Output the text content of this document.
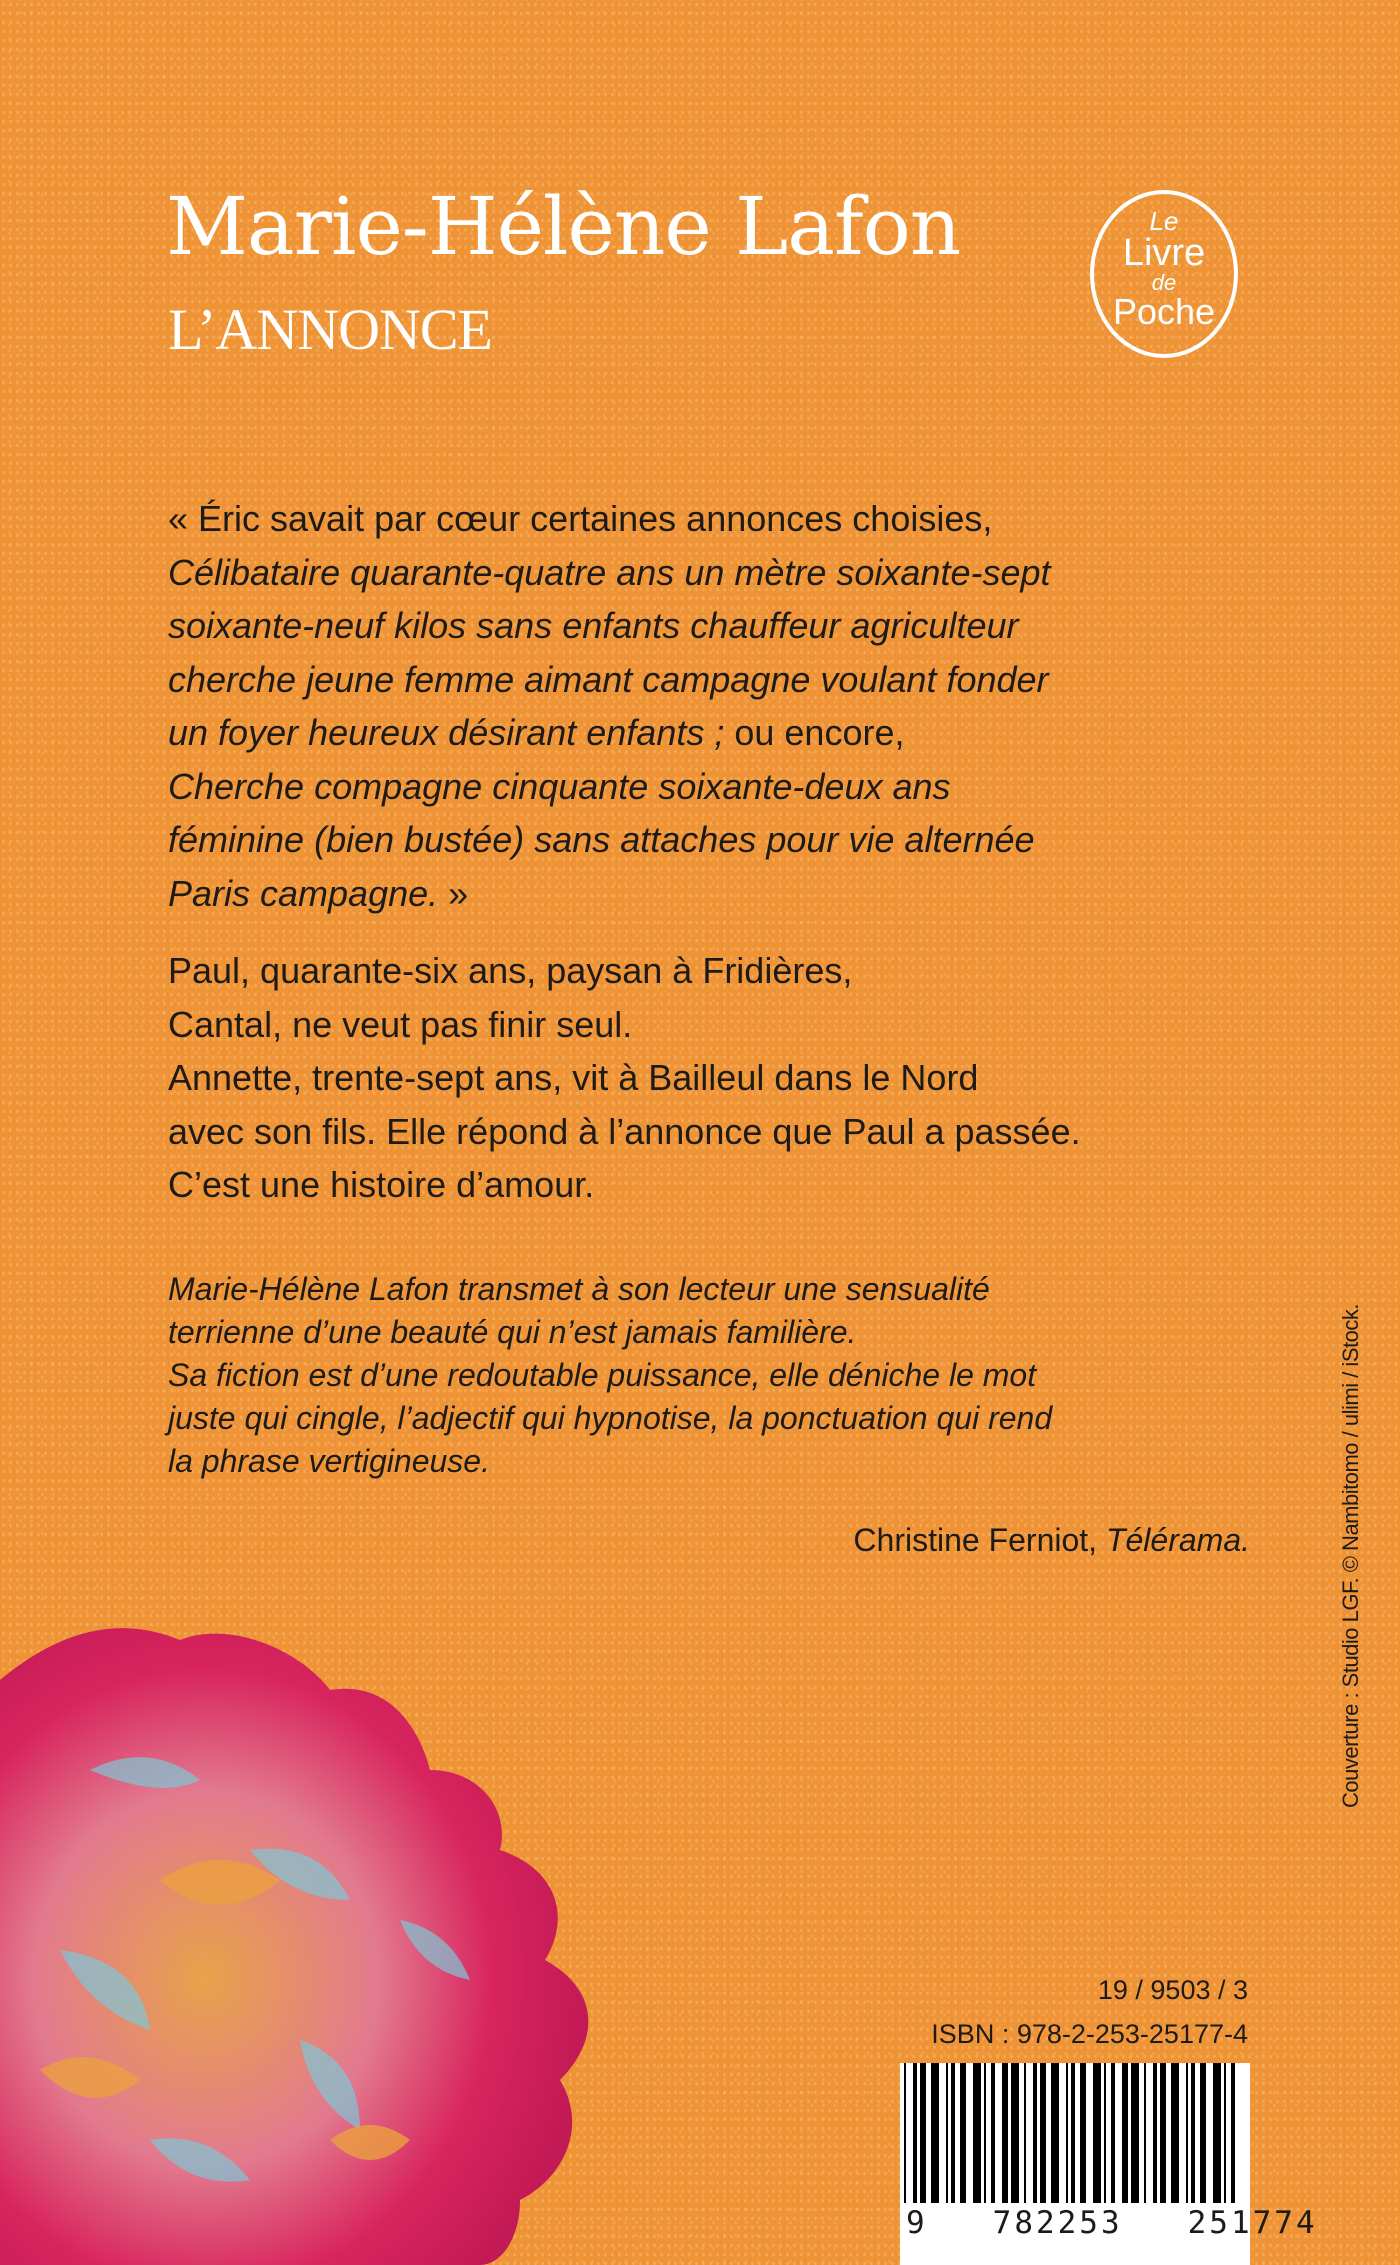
Marie-Hélène Lafon
L’ANNONCE
Le
Livre
de
Poche
« Éric savait par cœur certaines annonces choisies,
Célibataire quarante-quatre ans un mètre soixante-sept
soixante-neuf kilos sans enfants chauffeur agriculteur
cherche jeune femme aimant campagne voulant fonder
un foyer heureux désirant enfants ; ou encore,
Cherche compagne cinquante soixante-deux ans
féminine (bien bustée) sans attaches pour vie alternée
Paris campagne. »
Paul, quarante-six ans, paysan à Fridières,
Cantal, ne veut pas finir seul.
Annette, trente-sept ans, vit à Bailleul dans le Nord
avec son fils. Elle répond à l’annonce que Paul a passée.
C’est une histoire d’amour.
Marie-Hélène Lafon transmet à son lecteur une sensualité
terrienne d’une beauté qui n’est jamais familière.
Sa fiction est d’une redoutable puissance, elle déniche le mot
juste qui cingle, l’adjectif qui hypnotise, la ponctuation qui rend
la phrase vertigineuse.
Christine Ferniot, Télérama.
19 / 9503 / 3
ISBN : 978-2-253-25177-4
9   782253   251774
Couverture : Studio LGF. © Nambitomo / ulimi / iStock.
